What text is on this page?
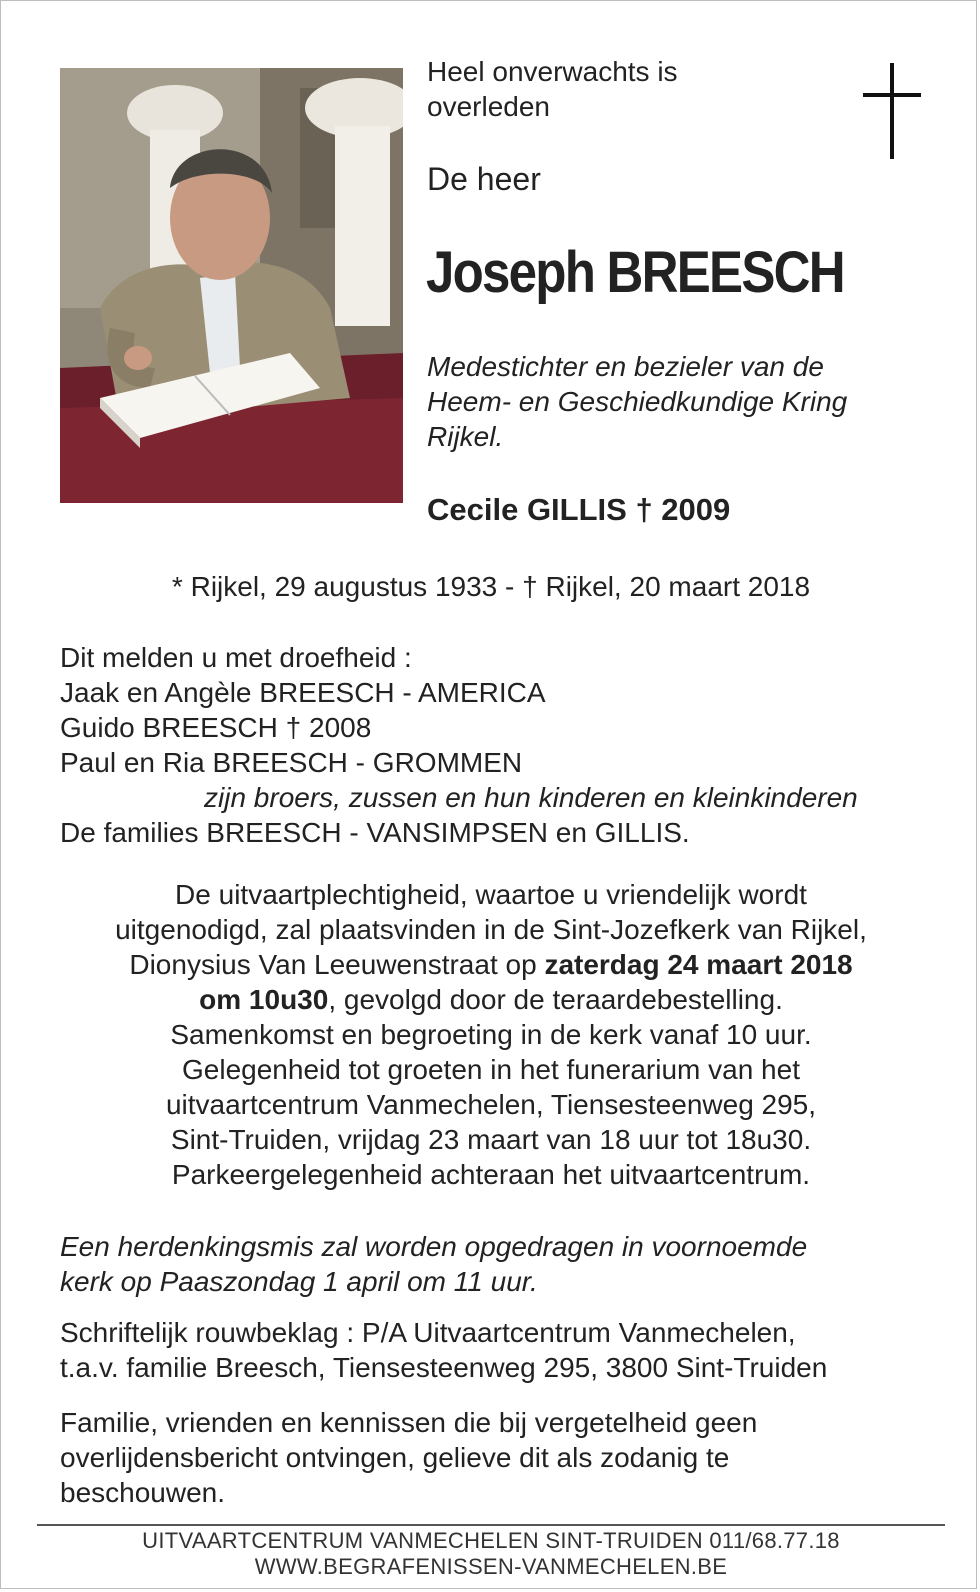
Heel onverwachts is
overleden
De heer
Joseph BREESCH
Medestichter en bezieler van de
Heem- en Geschiedkundige Kring
Rijkel.
Cecile GILLIS † 2009
* Rijkel, 29 augustus 1933 - † Rijkel, 20 maart 2018
Dit melden u met droefheid :
Jaak en Angèle BREESCH - AMERICA
Guido BREESCH † 2008
Paul en Ria BREESCH - GROMMEN
zijn broers, zussen en hun kinderen en kleinkinderen
De families BREESCH - VANSIMPSEN en GILLIS.
De uitvaartplechtigheid, waartoe u vriendelijk wordt
uitgenodigd, zal plaatsvinden in de Sint-Jozefkerk van Rijkel,
Dionysius Van Leeuwenstraat op zaterdag 24 maart 2018
om 10u30, gevolgd door de teraardebestelling.
Samenkomst en begroeting in de kerk vanaf 10 uur.
Gelegenheid tot groeten in het funerarium van het
uitvaartcentrum Vanmechelen, Tiensesteenweg 295,
Sint-Truiden, vrijdag 23 maart van 18 uur tot 18u30.
Parkeergelegenheid achteraan het uitvaartcentrum.
Een herdenkingsmis zal worden opgedragen in voornoemde
kerk op Paaszondag 1 april om 11 uur.
Schriftelijk rouwbeklag : P/A Uitvaartcentrum Vanmechelen,
t.a.v. familie Breesch, Tiensesteenweg 295, 3800 Sint-Truiden
Familie, vrienden en kennissen die bij vergetelheid geen
overlijdensbericht ontvingen, gelieve dit als zodanig te
beschouwen.
UITVAARTCENTRUM VANMECHELEN SINT-TRUIDEN 011/68.77.18
WWW.BEGRAFENISSEN-VANMECHELEN.BE
